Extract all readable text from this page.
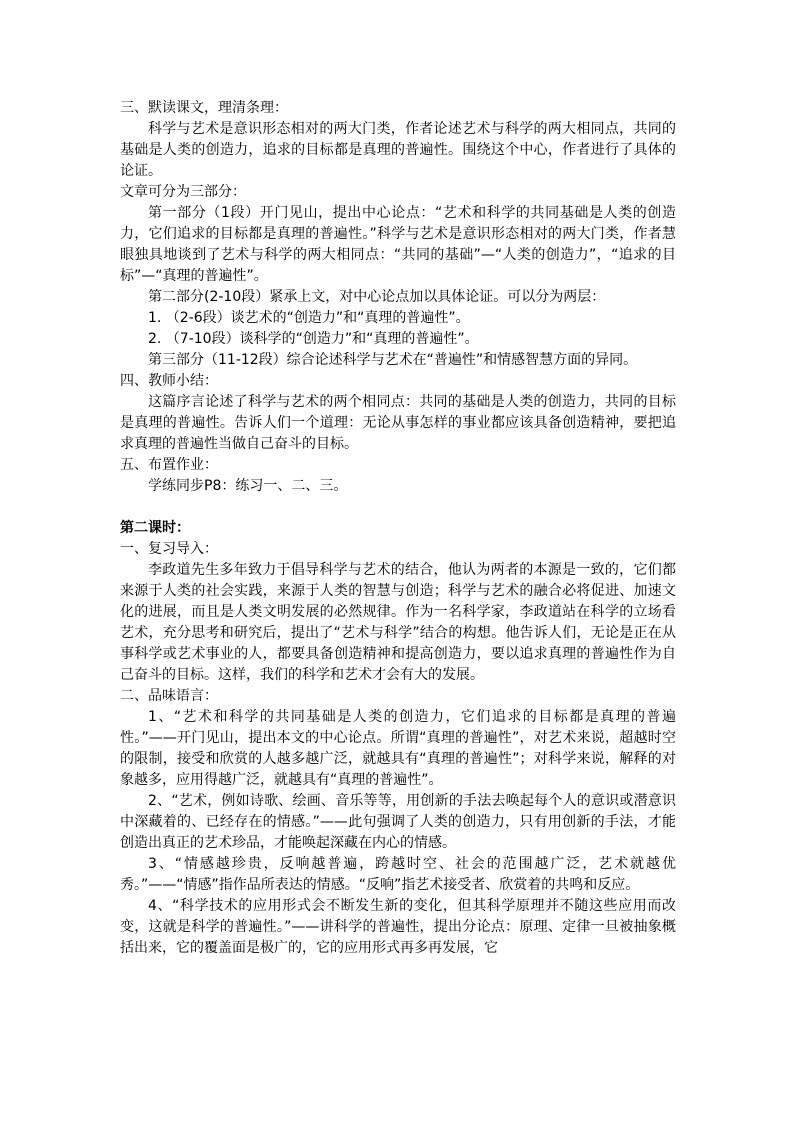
三、默读课文，理清条理：

科学与艺术是意识形态相对的两大门类，作者论述艺术与科学的两大相同点，共同的基础是人类的创造力，追求的目标都是真理的普遍性。围绕这个中心，作者进行了具体的论证。

文章可分为三部分：

第一部分（1段）开门见山，提出中心论点：“艺术和科学的共同基础是人类的创造力，它们追求的目标都是真理的普遍性。”科学与艺术是意识形态相对的两大门类，作者慧眼独具地谈到了艺术与科学的两大相同点：“共同的基础”—“人类的创造力”，“追求的目标”—“真理的普遍性”。

第二部分(2-10段）紧承上文，对中心论点加以具体论证。可以分为两层：

1. （2-6段）谈艺术的“创造力”和“真理的普遍性”。

2. （7-10段）谈科学的“创造力”和“真理的普遍性”。

第三部分（11-12段）综合论述科学与艺术在“普遍性”和情感智慧方面的异同。

四、教师小结：

这篇序言论述了科学与艺术的两个相同点：共同的基础是人类的创造力，共同的目标是真理的普遍性。告诉人们一个道理：无论从事怎样的事业都应该具备创造精神，要把追求真理的普遍性当做自己奋斗的目标。

五、布置作业：

学练同步P8：练习一、二、三。

第二课时：

一、复习导入：

李政道先生多年致力于倡导科学与艺术的结合，他认为两者的本源是一致的，它们都来源于人类的社会实践，来源于人类的智慧与创造；科学与艺术的融合必将促进、加速文化的进展，而且是人类文明发展的必然规律。作为一名科学家，李政道站在科学的立场看艺术，充分思考和研究后，提出了“艺术与科学”结合的构想。他告诉人们，无论是正在从事科学或艺术事业的人，都要具备创造精神和提高创造力，要以追求真理的普遍性作为自己奋斗的目标。这样，我们的科学和艺术才会有大的发展。

二、品味语言：

1、“艺术和科学的共同基础是人类的创造力，它们追求的目标都是真理的普遍性。”——开门见山，提出本文的中心论点。所谓“真理的普遍性”，对艺术来说，超越时空的限制，接受和欣赏的人越多越广泛，就越具有“真理的普遍性”；对科学来说，解释的对象越多，应用得越广泛，就越具有“真理的普遍性”。

2、“艺术，例如诗歌、绘画、音乐等等，用创新的手法去唤起每个人的意识或潜意识中深藏着的、已经存在的情感。”——此句强调了人类的创造力，只有用创新的手法，才能创造出真正的艺术珍品，才能唤起深藏在内心的情感。

3、“情感越珍贵，反响越普遍，跨越时空、社会的范围越广泛，艺术就越优秀。”——“情感”指作品所表达的情感。“反响”指艺术接受者、欣赏着的共鸣和反应。

4、“科学技术的应用形式会不断发生新的变化，但其科学原理并不随这些应用而改变，这就是科学的普遍性。”——讲科学的普遍性，提出分论点：原理、定律一旦被抽象概括出来，它的覆盖面是极广的，它的应用形式再多再发展，它
